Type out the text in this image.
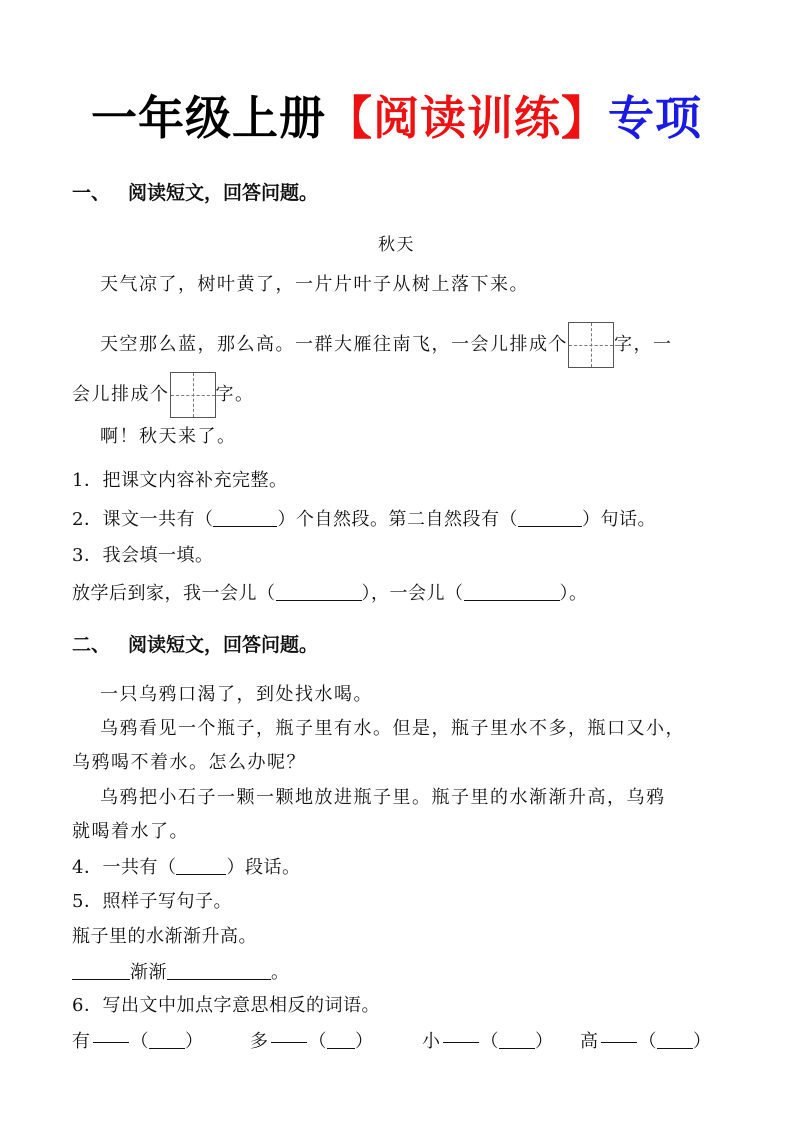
一年级上册【阅读训练】专项
一、 阅读短文，回答问题。
秋天
天气凉了，树叶黄了，一片片叶子从树上落下来。
天空那么蓝，那么高。一群大雁往南飞，一会儿排成个	字，一
会儿排成个	字。
啊！秋天来了。
1．把课文内容补充完整。
2．课文一共有（	）个自然段。第二自然段有（	）句话。
3．我会填一填。
放学后到家，我一会儿（	），一会儿（	）。
二、 阅读短文，回答问题。
一只乌鸦口渴了，到处找水喝。
乌鸦看见一个瓶子，瓶子里有水。但是，瓶子里水不多，瓶口又小，
乌鸦喝不着水。怎么办呢？
乌鸦把小石子一颗一颗地放进瓶子里。瓶子里的水渐渐升高，乌鸦
就喝着水了。
4．一共有（	）段话。
5．照样子写句子。
瓶子里的水渐渐升高。
渐渐	。
6．写出文中加点字意思相反的词语。
有 （ ）	多 （ ）	小 （ ） 高 （ ）
